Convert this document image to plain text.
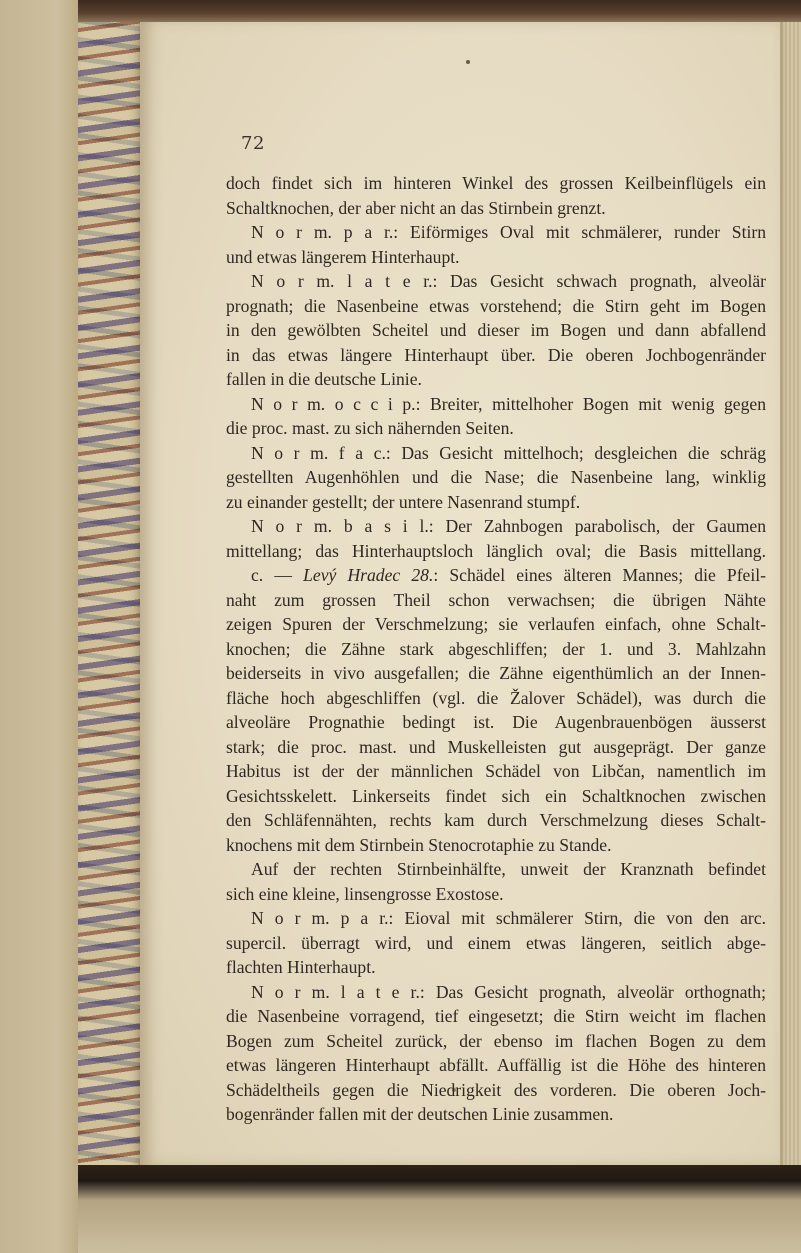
72
doch findet sich im hinteren Winkel des grossen Keilbeinflügels ein
Schaltknochen, der aber nicht an das Stirnbein grenzt.
N o r m. p a r.: Eiförmiges Oval mit schmälerer, runder Stirn
und etwas längerem Hinterhaupt.
N o r m. l a t e r.: Das Gesicht schwach prognath, alveolär
prognath; die Nasenbeine etwas vorstehend; die Stirn geht im Bogen
in den gewölbten Scheitel und dieser im Bogen und dann abfallend
in das etwas längere Hinterhaupt über. Die oberen Jochbogenränder
fallen in die deutsche Linie.
N o r m. o c c i p.: Breiter, mittelhoher Bogen mit wenig gegen
die proc. mast. zu sich nähernden Seiten.
N o r m. f a c.: Das Gesicht mittelhoch; desgleichen die schräg
gestellten Augenhöhlen und die Nase; die Nasenbeine lang, winklig
zu einander gestellt; der untere Nasenrand stumpf.
N o r m. b a s i l.: Der Zahnbogen parabolisch, der Gaumen
mittellang; das Hinterhauptsloch länglich oval; die Basis mittellang.
c. — Levý Hradec 28.: Schädel eines älteren Mannes; die Pfeil-
naht zum grossen Theil schon verwachsen; die übrigen Nähte
zeigen Spuren der Verschmelzung; sie verlaufen einfach, ohne Schalt-
knochen; die Zähne stark abgeschliffen; der 1. und 3. Mahlzahn
beiderseits in vivo ausgefallen; die Zähne eigenthümlich an der Innen-
fläche hoch abgeschliffen (vgl. die Žalover Schädel), was durch die
alveoläre Prognathie bedingt ist. Die Augenbrauenbögen äusserst
stark; die proc. mast. und Muskelleisten gut ausgeprägt. Der ganze
Habitus ist der der männlichen Schädel von Libčan, namentlich im
Gesichtsskelett. Linkerseits findet sich ein Schaltknochen zwischen
den Schläfennähten, rechts kam durch Verschmelzung dieses Schalt-
knochens mit dem Stirnbein Stenocrotaphie zu Stande.
Auf der rechten Stirnbeinhälfte, unweit der Kranznath befindet
sich eine kleine, linsengrosse Exostose.
N o r m. p a r.: Eioval mit schmälerer Stirn, die von den arc.
supercil. überragt wird, und einem etwas längeren, seitlich abge-
flachten Hinterhaupt.
N o r m. l a t e r.: Das Gesicht prognath, alveolär orthognath;
die Nasenbeine vorragend, tief eingesetzt; die Stirn weicht im flachen
Bogen zum Scheitel zurück, der ebenso im flachen Bogen zu dem
etwas längeren Hinterhaupt abfällt. Auffällig ist die Höhe des hinteren
Schädeltheils gegen die Niedrigkeit des vorderen. Die oberen Joch-
bogenränder fallen mit der deutschen Linie zusammen.
